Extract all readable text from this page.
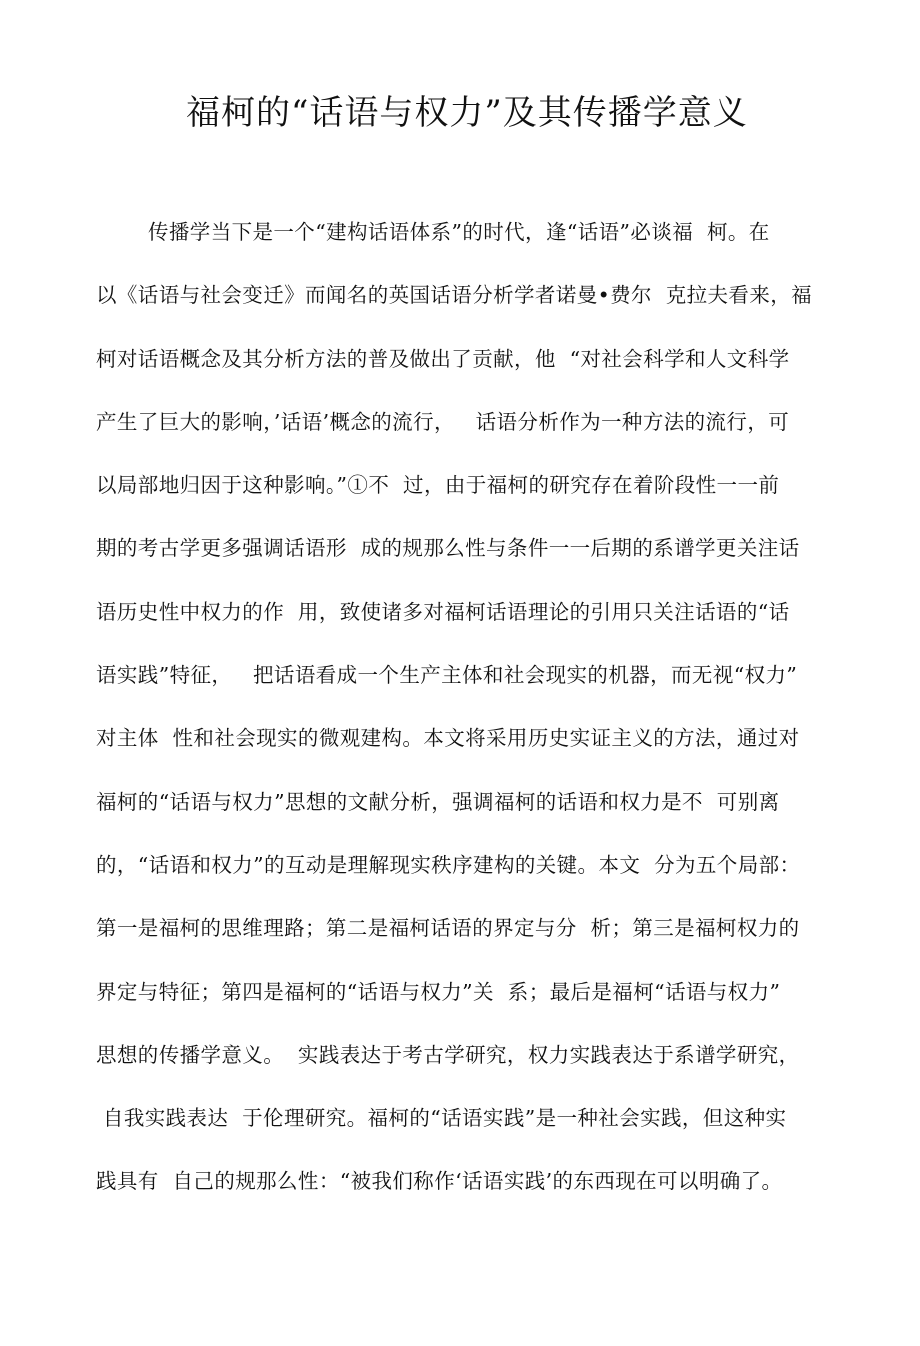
福柯的“话语与权力”及其传播学意义
传播学当下是一个“建构话语体系”的时代，逢“话语”必谈福  柯。在
以《话语与社会变迁》而闻名的英国话语分析学者诺曼•费尔  克拉夫看来，福
柯对话语概念及其分析方法的普及做出了贡献，他  “对社会科学和人文科学
产生了巨大的影响，’话语’概念的流行，   话语分析作为一种方法的流行，可
以局部地归因于这种影响。”①不  过，由于福柯的研究存在着阶段性一一前
期的考古学更多强调话语形  成的规那么性与条件一一后期的系谱学更关注话
语历史性中权力的作  用，致使诸多对福柯话语理论的引用只关注话语的“话
语实践”特征，   把话语看成一个生产主体和社会现实的机器，而无视“权力”
对主体  性和社会现实的微观建构。本文将采用历史实证主义的方法，通过对
福柯的“话语与权力”思想的文献分析，强调福柯的话语和权力是不  可别离
的，“话语和权力”的互动是理解现实秩序建构的关键。本文  分为五个局部：
第一是福柯的思维理路；第二是福柯话语的界定与分  析；第三是福柯权力的
界定与特征；第四是福柯的“话语与权力”关  系；最后是福柯“话语与权力”
思想的传播学意义。  实践表达于考古学研究，权力实践表达于系谱学研究，
自我实践表达  于伦理研究。福柯的“话语实践”是一种社会实践，但这种实
践具有  自己的规那么性：“被我们称作‘话语实践’的东西现在可以明确了。
